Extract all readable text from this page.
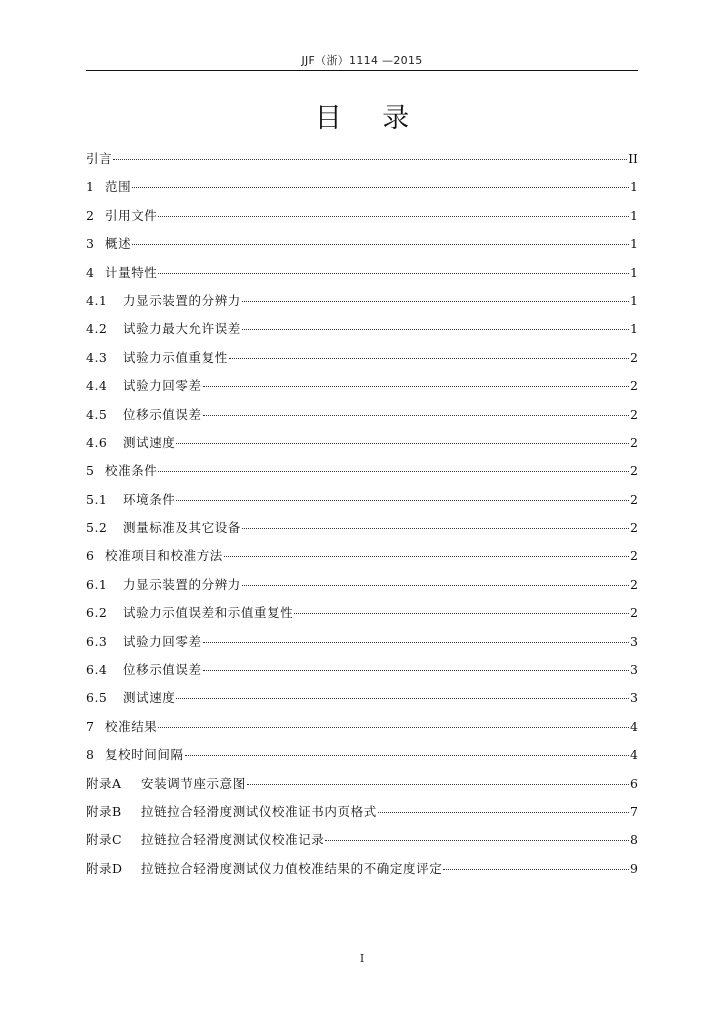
JJF（浙）1114 —2015
目 录
引言	II
1 范围	1
2 引用文件	1
3 概述	1
4 计量特性	1
4.1	力显示装置的分辨力	1
4.2	试验力最大允许误差	1
4.3	试验力示值重复性	2
4.4	试验力回零差	2
4.5	位移示值误差	2
4.6	测试速度	2
5 校准条件	2
5.1	环境条件	2
5.2	测量标准及其它设备	2
6 校准项目和校准方法	2
6.1	力显示装置的分辨力	2
6.2	试验力示值误差和示值重复性	2
6.3	试验力回零差	3
6.4	位移示值误差	3
6.5	测试速度	3
7 校准结果	4
8 复校时间间隔	4
附录A	安装调节座示意图	6
附录B	拉链拉合轻滑度测试仪校准证书内页格式	7
附录C	拉链拉合轻滑度测试仪校准记录	8
附录D	拉链拉合轻滑度测试仪力值校准结果的不确定度评定	9
I
